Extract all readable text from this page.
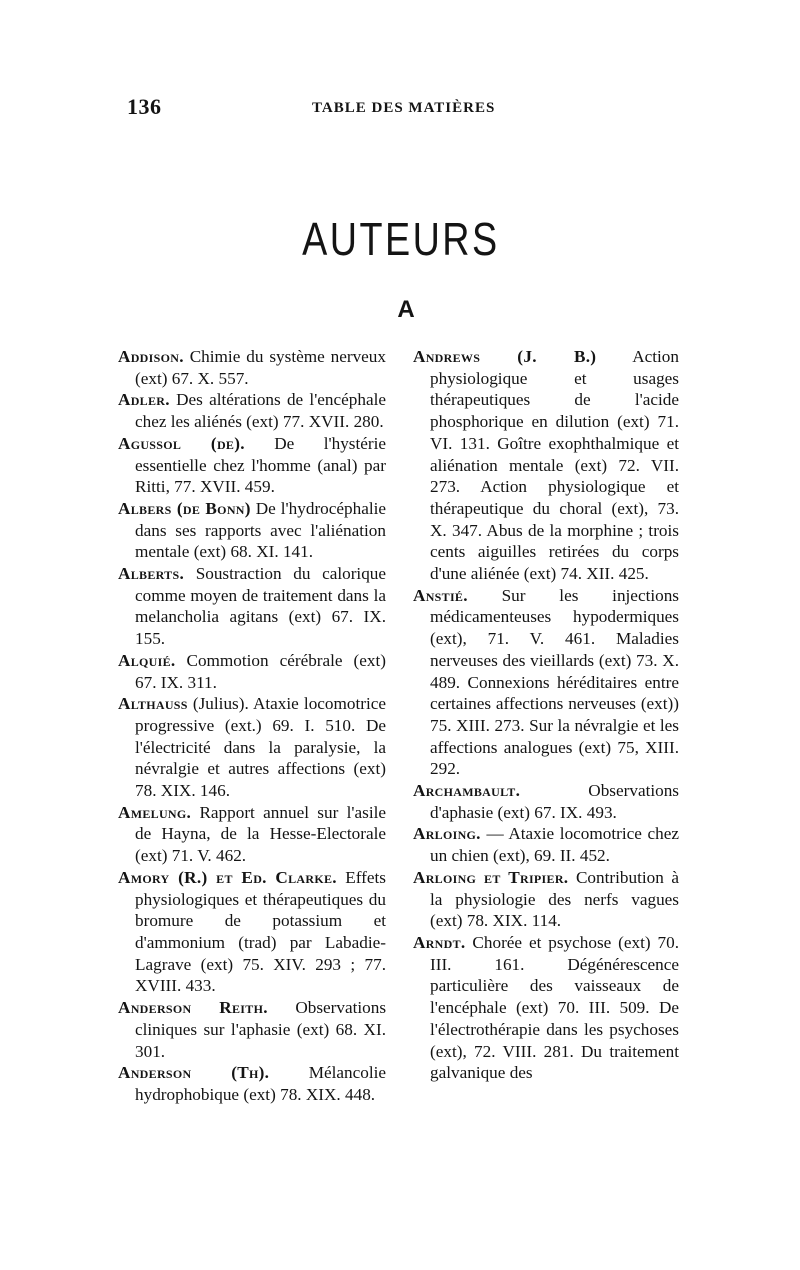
136	TABLE DES MATIÈRES
AUTEURS
A

Addison. Chimie du système nerveux (ext) 67. X. 557.

Adler. Des altérations de l'encéphale chez les aliénés (ext) 77. XVII. 280.

Agussol (de). De l'hystérie essentielle chez l'homme (anal) par Ritti, 77. XVII. 459.

Albers (de Bonn) De l'hydrocéphalie dans ses rapports avec l'aliénation mentale (ext) 68. XI. 141.

Alberts. Soustraction du calorique comme moyen de traitement dans la melancholia agitans (ext) 67. IX. 155.

Alquié. Commotion cérébrale (ext) 67. IX. 311.

Althauss (Julius). Ataxie locomotrice progressive (ext.) 69. I. 510. De l'électricité dans la paralysie, la névralgie et autres affections (ext) 78. XIX. 146.

Amelung. Rapport annuel sur l'asile de Hayna, de la Hesse-Electorale (ext) 71. V. 462.

Amory (R.) et Ed. Clarke. Effets physiologiques et thérapeutiques du bromure de potassium et d'ammonium (trad) par Labadie-Lagrave (ext) 75. XIV. 293 ; 77. XVIII. 433.

Anderson Reith. Observations cliniques sur l'aphasie (ext) 68. XI. 301.

Anderson (Th). Mélancolie hydrophobique (ext) 78. XIX. 448.

Andrews (J. B.) Action physiologique et usages thérapeutiques de l'acide phosphorique en dilution (ext) 71. VI. 131. Goître exophthalmique et aliénation mentale (ext) 72. VII. 273. Action physiologique et thérapeutique du choral (ext), 73. X. 347. Abus de la morphine ; trois cents aiguilles retirées du corps d'une aliénée (ext) 74. XII. 425.

Anstié. Sur les injections médicamenteuses hypodermiques (ext), 71. V. 461. Maladies nerveuses des vieillards (ext) 73. X. 489. Connexions héréditaires entre certaines affections nerveuses (ext)) 75. XIII. 273. Sur la névralgie et les affections analogues (ext) 75, XIII. 292.

Archambault.	Observations d'aphasie (ext) 67. IX. 493.

Arloing. — Ataxie locomotrice chez un chien (ext), 69. II. 452.

Arloing et Tripier. Contribution à la physiologie des nerfs vagues (ext) 78. XIX. 114.

Arndt. Chorée et psychose (ext) 70. III. 161. Dégénérescence particulière des vaisseaux de l'encéphale (ext) 70. III. 509. De l'électrothérapie dans les psychoses (ext), 72. VIII. 281. Du traitement galvanique des
